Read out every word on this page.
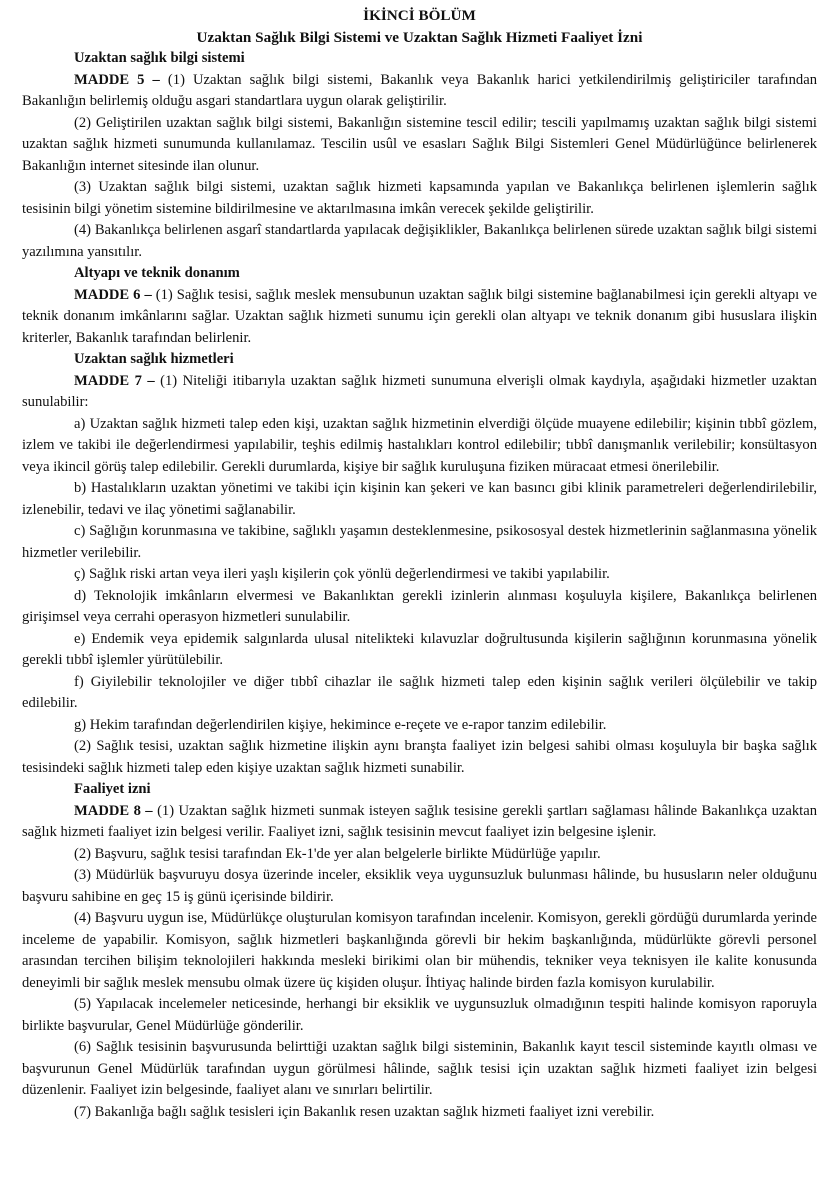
İKİNCİ BÖLÜM
Uzaktan Sağlık Bilgi Sistemi ve Uzaktan Sağlık Hizmeti Faaliyet İzni
Uzaktan sağlık bilgi sistemi

MADDE 5 – (1) Uzaktan sağlık bilgi sistemi, Bakanlık veya Bakanlık harici yetkilendirilmiş geliştiriciler tarafından Bakanlığın belirlemiş olduğu asgari standartlara uygun olarak geliştirilir.

(2) Geliştirilen uzaktan sağlık bilgi sistemi, Bakanlığın sistemine tescil edilir; tescili yapılmamış uzaktan sağlık bilgi sistemi uzaktan sağlık hizmeti sunumunda kullanılamaz. Tescilin usûl ve esasları Sağlık Bilgi Sistemleri Genel Müdürlüğünce belirlenerek Bakanlığın internet sitesinde ilan olunur.

(3) Uzaktan sağlık bilgi sistemi, uzaktan sağlık hizmeti kapsamında yapılan ve Bakanlıkça belirlenen işlemlerin sağlık tesisinin bilgi yönetim sistemine bildirilmesine ve aktarılmasına imkân verecek şekilde geliştirilir.

(4) Bakanlıkça belirlenen asgarî standartlarda yapılacak değişiklikler, Bakanlıkça belirlenen sürede uzaktan sağlık bilgi sistemi yazılımına yansıtılır.

Altyapı ve teknik donanım

MADDE 6 – (1) Sağlık tesisi, sağlık meslek mensubunun uzaktan sağlık bilgi sistemine bağlanabilmesi için gerekli altyapı ve teknik donanım imkânlarını sağlar. Uzaktan sağlık hizmeti sunumu için gerekli olan altyapı ve teknik donanım gibi hususlara ilişkin kriterler, Bakanlık tarafından belirlenir.

Uzaktan sağlık hizmetleri

MADDE 7 – (1) Niteliği itibarıyla uzaktan sağlık hizmeti sunumuna elverişli olmak kaydıyla, aşağıdaki hizmetler uzaktan sunulabilir:

a) Uzaktan sağlık hizmeti talep eden kişi, uzaktan sağlık hizmetinin elverdiği ölçüde muayene edilebilir; kişinin tıbbî gözlem, izlem ve takibi ile değerlendirmesi yapılabilir, teşhis edilmiş hastalıkları kontrol edilebilir; tıbbî danışmanlık verilebilir; konsültasyon veya ikincil görüş talep edilebilir. Gerekli durumlarda, kişiye bir sağlık kuruluşuna fiziken müracaat etmesi önerilebilir.

b) Hastalıkların uzaktan yönetimi ve takibi için kişinin kan şekeri ve kan basıncı gibi klinik parametreleri değerlendirilebilir, izlenebilir, tedavi ve ilaç yönetimi sağlanabilir.

c) Sağlığın korunmasına ve takibine, sağlıklı yaşamın desteklenmesine, psikososyal destek hizmetlerinin sağlanmasına yönelik hizmetler verilebilir.

ç) Sağlık riski artan veya ileri yaşlı kişilerin çok yönlü değerlendirmesi ve takibi yapılabilir.

d) Teknolojik imkânların elvermesi ve Bakanlıktan gerekli izinlerin alınması koşuluyla kişilere, Bakanlıkça belirlenen girişimsel veya cerrahi operasyon hizmetleri sunulabilir.

e) Endemik veya epidemik salgınlarda ulusal nitelikteki kılavuzlar doğrultusunda kişilerin sağlığının korunmasına yönelik gerekli tıbbî işlemler yürütülebilir.

f) Giyilebilir teknolojiler ve diğer tıbbî cihazlar ile sağlık hizmeti talep eden kişinin sağlık verileri ölçülebilir ve takip edilebilir.

g) Hekim tarafından değerlendirilen kişiye, hekimince e-reçete ve e-rapor tanzim edilebilir.

(2) Sağlık tesisi, uzaktan sağlık hizmetine ilişkin aynı branşta faaliyet izin belgesi sahibi olması koşuluyla bir başka sağlık tesisindeki sağlık hizmeti talep eden kişiye uzaktan sağlık hizmeti sunabilir.

Faaliyet izni

MADDE 8 – (1) Uzaktan sağlık hizmeti sunmak isteyen sağlık tesisine gerekli şartları sağlaması hâlinde Bakanlıkça uzaktan sağlık hizmeti faaliyet izin belgesi verilir. Faaliyet izni, sağlık tesisinin mevcut faaliyet izin belgesine işlenir.

(2) Başvuru, sağlık tesisi tarafından Ek-1'de yer alan belgelerle birlikte Müdürlüğe yapılır.

(3) Müdürlük başvuruyu dosya üzerinde inceler, eksiklik veya uygunsuzluk bulunması hâlinde, bu hususların neler olduğunu başvuru sahibine en geç 15 iş günü içerisinde bildirir.

(4) Başvuru uygun ise, Müdürlükçe oluşturulan komisyon tarafından incelenir. Komisyon, gerekli gördüğü durumlarda yerinde inceleme de yapabilir. Komisyon, sağlık hizmetleri başkanlığında görevli bir hekim başkanlığında, müdürlükte görevli personel arasından tercihen bilişim teknolojileri hakkında mesleki birikimi olan bir mühendis, tekniker veya teknisyen ile kalite konusunda deneyimli bir sağlık meslek mensubu olmak üzere üç kişiden oluşur. İhtiyaç halinde birden fazla komisyon kurulabilir.

(5) Yapılacak incelemeler neticesinde, herhangi bir eksiklik ve uygunsuzluk olmadığının tespiti halinde komisyon raporuyla birlikte başvurular, Genel Müdürlüğe gönderilir.

(6) Sağlık tesisinin başvurusunda belirttiği uzaktan sağlık bilgi sisteminin, Bakanlık kayıt tescil sisteminde kayıtlı olması ve başvurunun Genel Müdürlük tarafından uygun görülmesi hâlinde, sağlık tesisi için uzaktan sağlık hizmeti faaliyet izin belgesi düzenlenir. Faaliyet izin belgesinde, faaliyet alanı ve sınırları belirtilir.

(7) Bakanlığa bağlı sağlık tesisleri için Bakanlık resen uzaktan sağlık hizmeti faaliyet izni verebilir.
